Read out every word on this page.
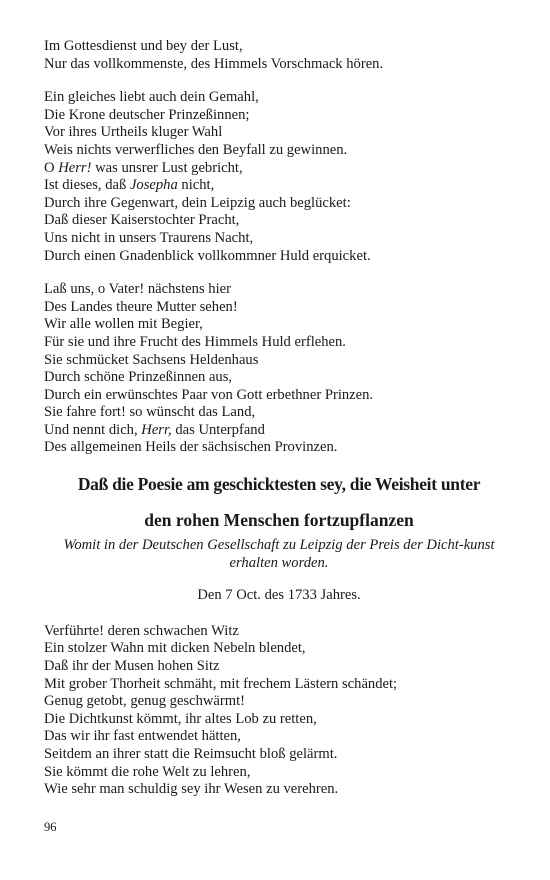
Im Gottesdienst und bey der Lust,
Nur das vollkommenste, des Himmels Vorschmack hören.
Ein gleiches liebt auch dein Gemahl,
Die Krone deutscher Prinzeßinnen;
Vor ihres Urtheils kluger Wahl
Weis nichts verwerfliches den Beyfall zu gewinnen.
O Herr! was unsrer Lust gebricht,
Ist dieses, daß Josepha nicht,
Durch ihre Gegenwart, dein Leipzig auch beglücket:
Daß dieser Kaiserstochter Pracht,
Uns nicht in unsers Traurens Nacht,
Durch einen Gnadenblick vollkommner Huld erquicket.
Laß uns, o Vater! nächstens hier
Des Landes theure Mutter sehen!
Wir alle wollen mit Begier,
Für sie und ihre Frucht des Himmels Huld erflehen.
Sie schmücket Sachsens Heldenhaus
Durch schöne Prinzeßinnen aus,
Durch ein erwünschtes Paar von Gott erbethner Prinzen.
Sie fahre fort! so wünscht das Land,
Und nennt dich, Herr, das Unterpfand
Des allgemeinen Heils der sächsischen Provinzen.
Daß die Poesie am geschicktesten sey, die Weisheit unter
den rohen Menschen fortzupflanzen
Womit in der Deutschen Gesellschaft zu Leipzig der Preis der Dicht-kunst erhalten worden.
Den 7 Oct. des 1733 Jahres.
Verführte! deren schwachen Witz
Ein stolzer Wahn mit dicken Nebeln blendet,
Daß ihr der Musen hohen Sitz
Mit grober Thorheit schmäht, mit frechem Lästern schändet;
Genug getobt, genug geschwärmt!
Die Dichtkunst kömmt, ihr altes Lob zu retten,
Das wir ihr fast entwendet hätten,
Seitdem an ihrer statt die Reimsucht bloß gelärmt.
Sie kömmt die rohe Welt zu lehren,
Wie sehr man schuldig sey ihr Wesen zu verehren.
96
